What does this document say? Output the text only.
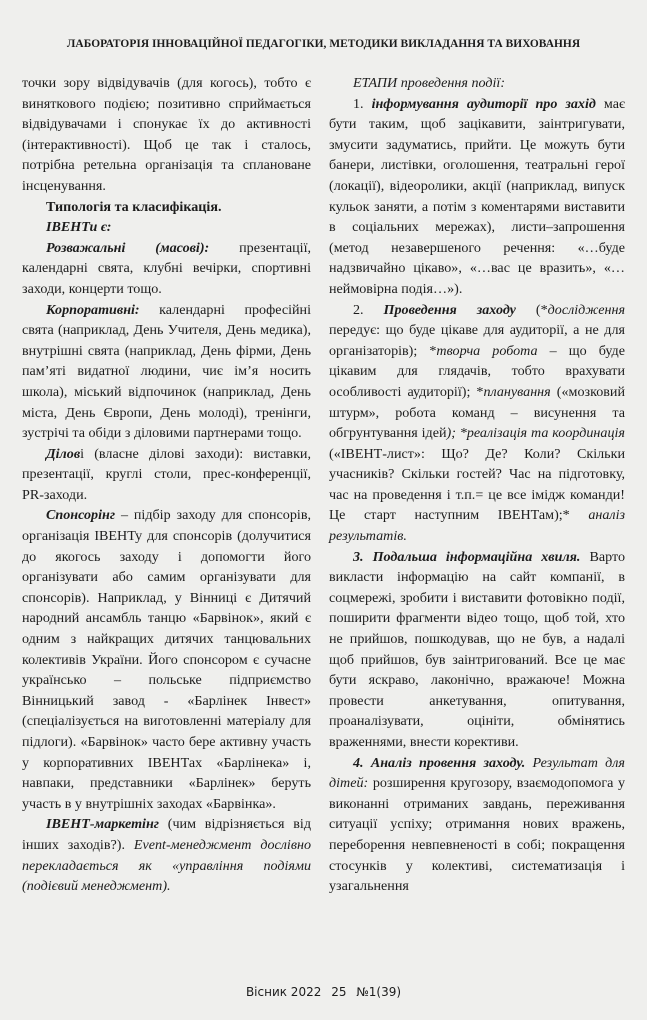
ЛАБОРАТОРІЯ ІННОВАЦІЙНОЇ ПЕДАГОГІКИ, МЕТОДИКИ ВИКЛАДАННЯ ТА ВИХОВАННЯ

точки зору відвідувачів (для когось), тобто є виняткового подією; позитивно сприймається відвідувачами і спонукає їх до активності (інтерактивності). Щоб це так і сталось, потрібна ретельна організація та сплановане інсценування.

Типологія та класифікація.

ІВЕНТи є:

Розважальні (масові): презентації, календарні свята, клубні вечірки, спортивні заходи, концерти тощо.

Корпоративні: календарні професійні свята (наприклад, День Учителя, День медика), внутрішні свята (наприклад, День фірми, День пам’яті видатної людини, чиє ім’я носить школа), міський відпочинок (наприклад, День міста, День Європи, День молоді), тренінги, зустрічі та обіди з діловими партнерами тощо.

Ділові (власне ділові заходи): виставки, презентації, круглі столи, прес-конференції, PR-заходи.

Спонсорінг – підбір заходу для спонсорів, організація ІВЕНТу для спонсорів (долучитися до якогось заходу і допомогти його організувати або самим організувати для спонсорів). Наприклад, у Вінниці є Дитячий народний ансамбль танцю «Барвінок», який є одним з найкращих дитячих танцювальних колективів України. Його спонсором є сучасне українсько – польське підприємство Вінницький завод - «Барлінек Інвест» (спеціалізується на виготовленні матеріалу для підлоги). «Барвінок» часто бере активну участь у корпоративних ІВЕНТах «Барлінека» і, навпаки, представники «Барлінек» беруть участь в у внутрішніх заходах «Барвінка».

ІВЕНТ-маркетінг (чим відрізняється від інших заходів?). Event-менеджмент дослівно перекладається як «управління подіями (подієвий менеджмент).

ЕТАПИ проведення події:

1. інформування аудиторії про захід має бути таким, щоб зацікавити, заінтригувати, змусити задуматись, прийти. Це можуть бути банери, листівки, оголошення, театральні герої (локації), відеоролики, акції (наприклад, випуск кульок заняти, а потім з коментарями виставити в соціальних мережах), листи–запрошення (метод незавершеного речення: «…буде надзвичайно цікаво», «…вас це вразить», «…неймовірна подія…»).

2. Проведення заходу (*дослідження передує: що буде цікаве для аудиторії, а не для організаторів); *творча робота – що буде цікавим для глядачів, тобто врахувати особливості аудиторії); *планування («мозковий штурм», робота команд – висунення та обгрунтування ідей); *реалізація та координація («ІВЕНТ-лист»: Що? Де? Коли? Скільки учасників? Скільки гостей? Час на підготовку, час на проведення і т.п.= це все імідж команди! Це старт наступним ІВЕНТам);* аналіз результатів.

3. Подальша інформаційна хвиля. Варто викласти інформацію на сайт компанії, в соцмережі, зробити і виставити фотовікно події, поширити фрагменти відео тощо, щоб той, хто не прийшов, пошкодував, що не був, а надалі щоб прийшов, був заінтригований. Все це має бути яскраво, лаконічно, вражаюче! Можна провести анкетування, опитування, проаналізувати, оцініти, обмінятись враженнями, внести корективи.

4. Аналіз провення заходу. Результат для дітей: розширення кругозору, взаємодопомога у виконанні отриманих завдань, переживання ситуації успіху; отримання нових вражень, переборення невпевненості в собі; покращення стосунків у колективі, систематизація і узагальнення

Вісник 2022 25 №1(39)
